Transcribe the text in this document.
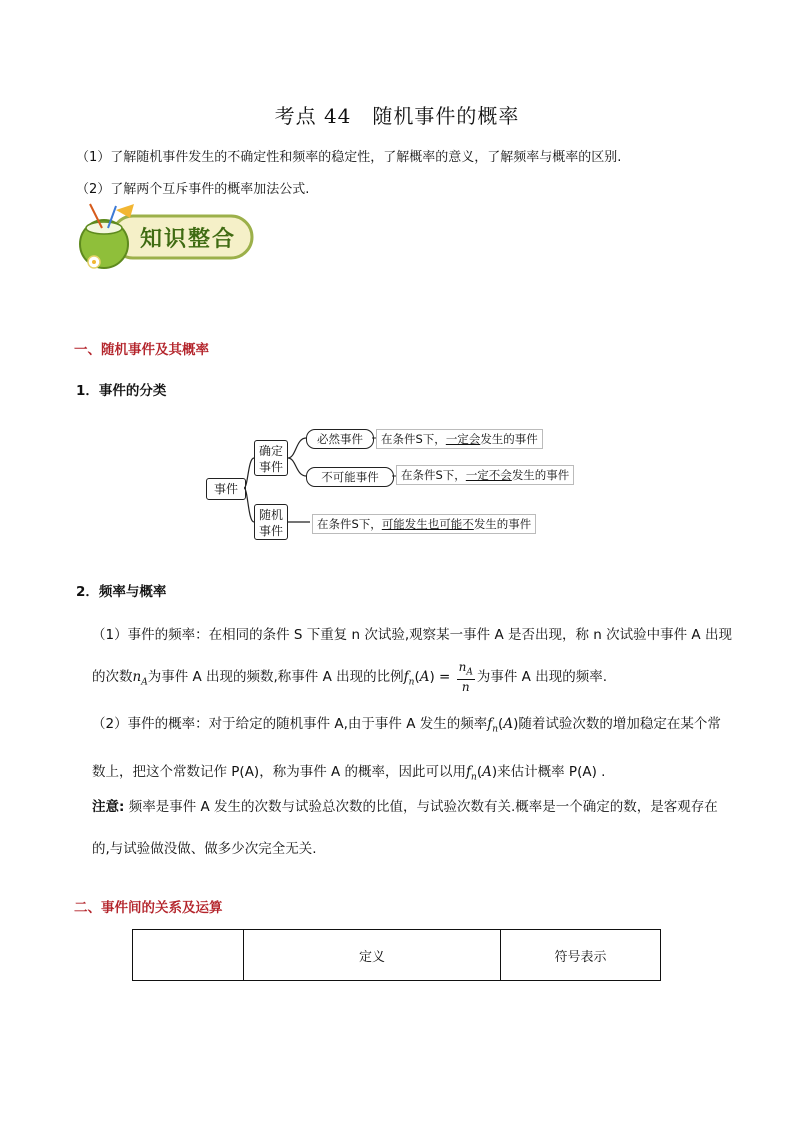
考点 44　随机事件的概率
（1）了解随机事件发生的不确定性和频率的稳定性，了解概率的意义，了解频率与概率的区别.
（2）了解两个互斥事件的概率加法公式.
知识整合
一、随机事件及其概率
1．事件的分类
事件
确定事件
随机事件
必然事件
不可能事件
在条件S下，一定会发生的事件
在条件S下，一定不会发生的事件
在条件S下，可能发生也可能不发生的事件
2．频率与概率
（1）事件的频率：在相同的条件 S 下重复 n 次试验,观察某一事件 A 是否出现，称 n 次试验中事件 A 出现的次数$n_A$为事件 A 出现的频数,称事件 A 出现的比例$f_n(A) = \frac{n_A}{n}$ 为事件 A 出现的频率.
（2）事件的概率：对于给定的随机事件 A,由于事件 A 发生的频率$f_n(A)$随着试验次数的增加稳定在某个常数上，把这个常数记作 P(A)，称为事件 A 的概率，因此可以用$f_n(A)$来估计概率 P(A) .
注意: 频率是事件 A 发生的次数与试验总次数的比值，与试验次数有关.概率是一个确定的数，是客观存在的,与试验做没做、做多少次完全无关.
二、事件间的关系及运算
	定义	符号表示
